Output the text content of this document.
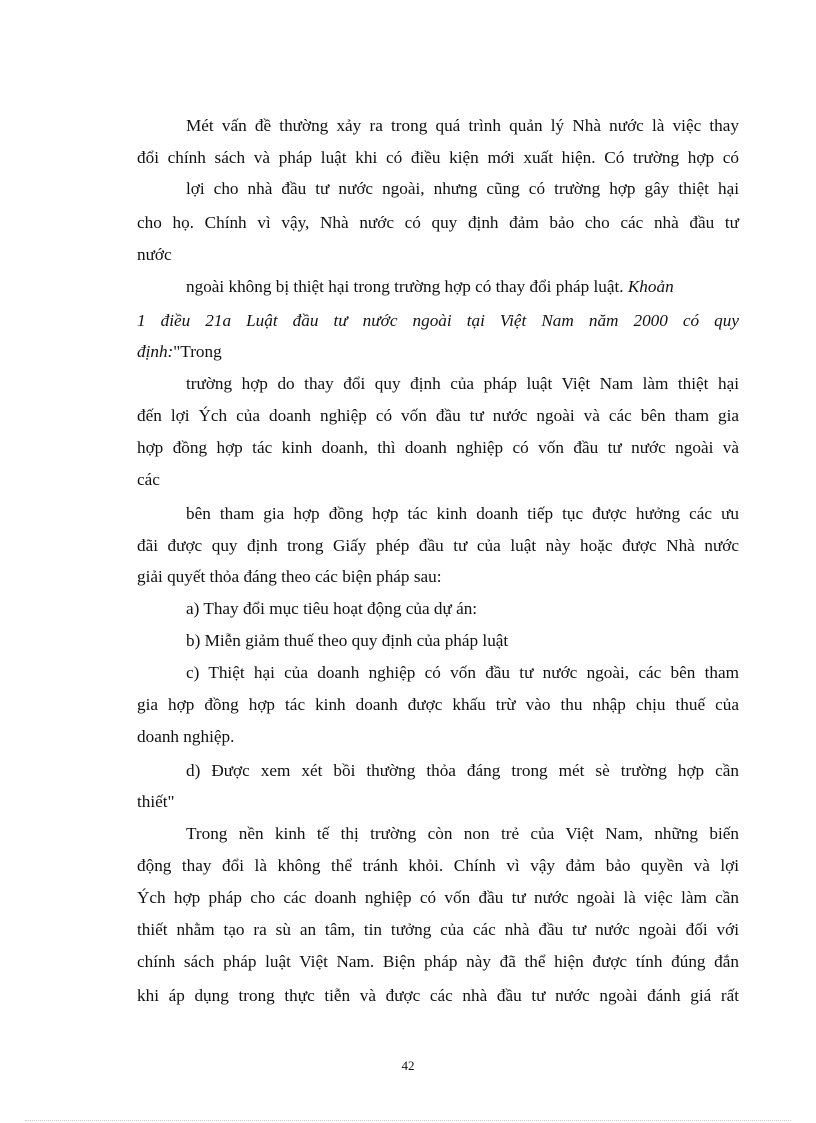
Mét vấn đề thường xảy ra trong quá trình quản lý Nhà nước là việc thay
đổi chính sách và pháp luật khi có điều kiện mới xuất hiện. Có trường hợp có
lợi cho nhà đầu tư nước ngoài, nhưng cũng có trường hợp gây thiệt hại
cho họ. Chính vì vậy, Nhà nước có quy định đảm bảo cho các nhà đầu tư
nước
ngoài không bị thiệt hại trong trường hợp có thay đổi pháp luật. Khoản
1 điều 21a Luật đầu tư nước ngoài tại Việt Nam năm 2000 có quy
định:"Trong
trường hợp do thay đổi quy định của pháp luật Việt Nam làm thiệt hại
đến lợi Ých của doanh nghiệp có vốn đầu tư nước ngoài và các bên tham gia
hợp đồng hợp tác kinh doanh, thì doanh nghiệp có vốn đầu tư nước ngoài và
các
bên tham gia hợp đồng hợp tác kinh doanh tiếp tục được hưởng các ưu
đãi được quy định trong Giấy phép đầu tư của luật này hoặc được Nhà nước
giải quyết thỏa đáng theo các biện pháp sau:
a) Thay đổi mục tiêu hoạt động của dự án:
b) Miễn giảm thuế theo quy định của pháp luật
c) Thiệt hại của doanh nghiệp có vốn đầu tư nước ngoài, các bên tham
gia hợp đồng hợp tác kinh doanh được khấu trừ vào thu nhập chịu thuế của
doanh nghiệp.
d) Được xem xét bồi thường thỏa đáng trong mét sè trường hợp cần
thiết"
Trong nền kinh tế thị trường còn non trẻ của Việt Nam, những biến
động thay đổi là không thể tránh khỏi. Chính vì vậy đảm bảo quyền và lợi
Ých hợp pháp cho các doanh nghiệp có vốn đầu tư nước ngoài là việc làm cần
thiết nhằm tạo ra sù an tâm, tin tưởng của các nhà đầu tư nước ngoài đối với
chính sách pháp luật Việt Nam. Biện pháp này đã thể hiện được tính đúng đắn
khi áp dụng trong thực tiễn và được các nhà đầu tư nước ngoài đánh giá rất
42
